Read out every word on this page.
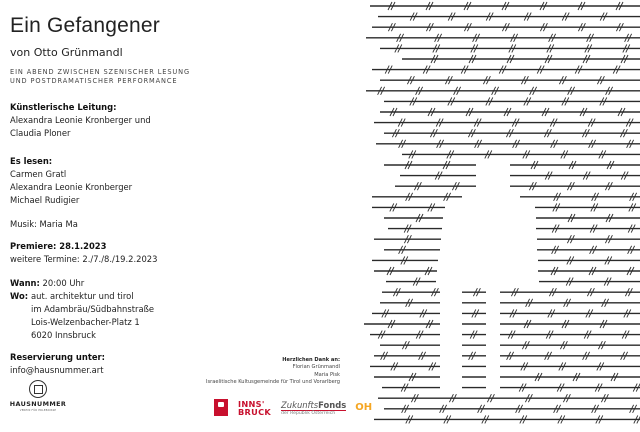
Ein Gefangener
von Otto Grünmandl
EIN ABEND ZWISCHEN SZENISCHER LESUNG
UND POSTDRAMATISCHER PERFORMANCE
Künstlerische Leitung:
Alexandra Leonie Kronberger und
Claudia Ploner
Es lesen:
Carmen Gratl
Alexandra Leonie Kronberger
Michael Rudigier
Musik: Maria Ma
Premiere: 28.1.2023
weitere Termine: 2./7./8./19.2.2023
Wann: 20:00 Uhr
Wo: aut. architektur und tirol
im Adambräu/Südbahnstraße
Lois-Welzenbacher-Platz 1
6020 Innsbruck
Reservierung unter:
info@hausnummer.art
HAUSNUMMER
VEREIN FÜR ERLEBNISSE
Herzlichen Dank an:
Florian Grünmandl
Maria Pisk
Israelitische Kultusgemeinde für Tirol und Vorarlberg
INNS'
BRUCK
ZukunftsFonds
der Republik Österreich	OH
